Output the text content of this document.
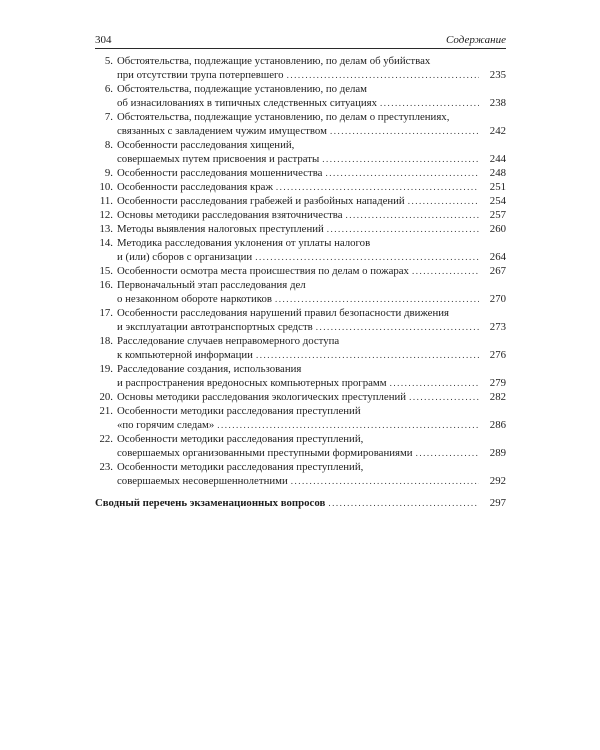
304	Содержание
5. Обстоятельства, подлежащие установлению, по делам об убийствах
при отсутствии трупа потерпевшего .....	235
6. Обстоятельства, подлежащие установлению, по делам
об изнасилованиях в типичных следственных ситуациях .....	238
7. Обстоятельства, подлежащие установлению, по делам о преступлениях,
связанных с завладением чужим имуществом .....	242
8. Особенности расследования хищений,
совершаемых путем присвоения и растраты .....	244
9. Особенности расследования мошенничества .....	248
10. Особенности расследования краж .....	251
11. Особенности расследования грабежей и разбойных нападений .....	254
12. Основы методики расследования взяточничества .....	257
13. Методы выявления налоговых преступлений .....	260
14. Методика расследования уклонения от уплаты налогов
и (или) сборов с организации .....	264
15. Особенности осмотра места происшествия по делам о пожарах .....	267
16. Первоначальный этап расследования дел
о незаконном обороте наркотиков .....	270
17. Особенности расследования нарушений правил безопасности движения
и эксплуатации автотранспортных средств .....	273
18. Расследование случаев неправомерного доступа
к компьютерной информации .....	276
19. Расследование создания, использования
и распространения вредоносных компьютерных программ .....	279
20. Основы методики расследования экологических преступлений .....	282
21. Особенности методики расследования преступлений
«по горячим следам» .....	286
22. Особенности методики расследования преступлений,
совершаемых организованными преступными формированиями .....	289
23. Особенности методики расследования преступлений,
совершаемых несовершеннолетними .....	292
Сводный перечень экзаменационных вопросов .....	297
